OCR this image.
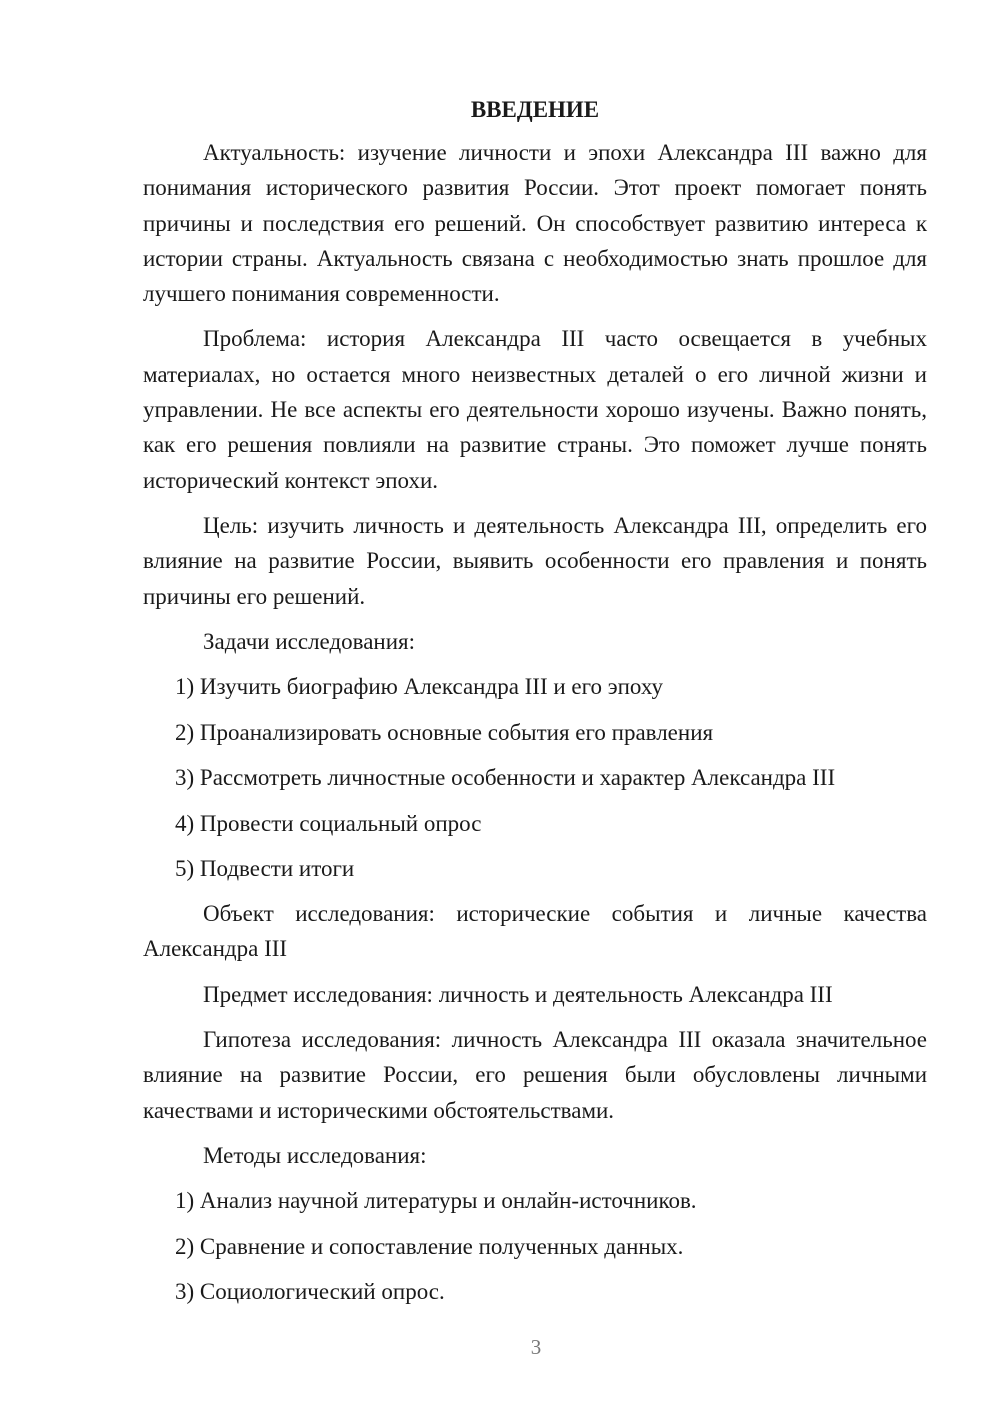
ВВЕДЕНИЕ

Актуальность: изучение личности и эпохи Александра III важно для понимания исторического развития России. Этот проект помогает понять причины и последствия его решений. Он способствует развитию интереса к истории страны. Актуальность связана с необходимостью знать прошлое для лучшего понимания современности.

Проблема: история Александра III часто освещается в учебных материалах, но остается много неизвестных деталей о его личной жизни и управлении. Не все аспекты его деятельности хорошо изучены. Важно понять, как его решения повлияли на развитие страны. Это поможет лучше понять исторический контекст эпохи.

Цель: изучить личность и деятельность Александра III, определить его влияние на развитие России, выявить особенности его правления и понять причины его решений.

Задачи исследования:

1) Изучить биографию Александра III и его эпоху
2) Проанализировать основные события его правления
3) Рассмотреть личностные особенности и характер Александра III
4) Провести социальный опрос
5) Подвести итоги

Объект исследования: исторические события и личные качества Александра III

Предмет исследования: личность и деятельность Александра III

Гипотеза исследования: личность Александра III оказала значительное влияние на развитие России, его решения были обусловлены личными качествами и историческими обстоятельствами.

Методы исследования:

1) Анализ научной литературы и онлайн-источников.
2) Сравнение и сопоставление полученных данных.
3) Социологический опрос.
3
